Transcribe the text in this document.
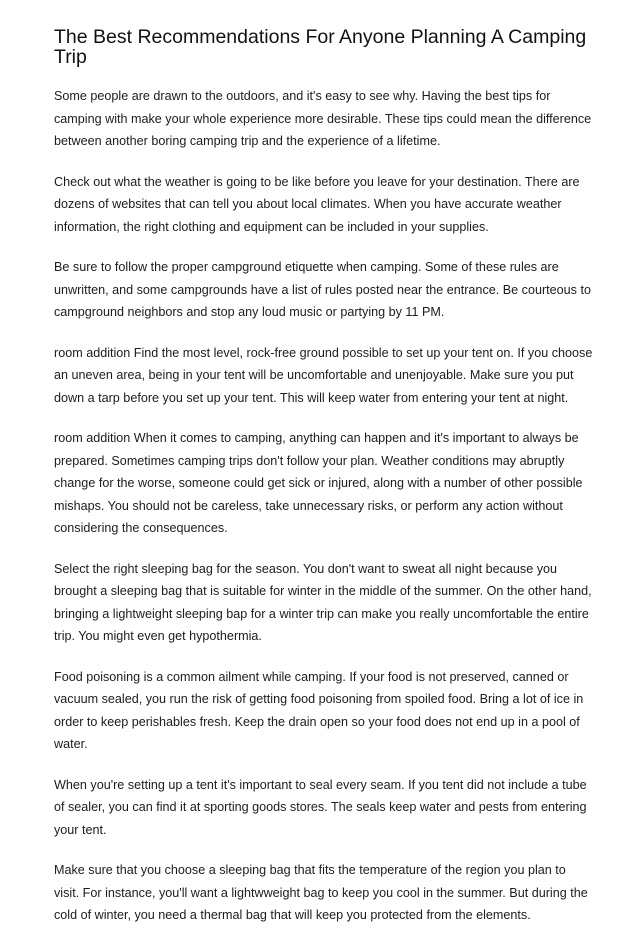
The Best Recommendations For Anyone Planning A Camping Trip

Some people are drawn to the outdoors, and it's easy to see why. Having the best tips for camping with make your whole experience more desirable. These tips could mean the difference between another boring camping trip and the experience of a lifetime.

Check out what the weather is going to be like before you leave for your destination. There are dozens of websites that can tell you about local climates. When you have accurate weather information, the right clothing and equipment can be included in your supplies.

Be sure to follow the proper campground etiquette when camping. Some of these rules are unwritten, and some campgrounds have a list of rules posted near the entrance. Be courteous to campground neighbors and stop any loud music or partying by 11 PM.

room addition Find the most level, rock-free ground possible to set up your tent on. If you choose an uneven area, being in your tent will be uncomfortable and unenjoyable. Make sure you put down a tarp before you set up your tent. This will keep water from entering your tent at night.

room addition When it comes to camping, anything can happen and it's important to always be prepared. Sometimes camping trips don't follow your plan. Weather conditions may abruptly change for the worse, someone could get sick or injured, along with a number of other possible mishaps. You should not be careless, take unnecessary risks, or perform any action without considering the consequences.

Select the right sleeping bag for the season. You don't want to sweat all night because you brought a sleeping bag that is suitable for winter in the middle of the summer. On the other hand, bringing a lightweight sleeping bap for a winter trip can make you really uncomfortable the entire trip. You might even get hypothermia.

Food poisoning is a common ailment while camping. If your food is not preserved, canned or vacuum sealed, you run the risk of getting food poisoning from spoiled food. Bring a lot of ice in order to keep perishables fresh. Keep the drain open so your food does not end up in a pool of water.

When you're setting up a tent it's important to seal every seam. If you tent did not include a tube of sealer, you can find it at sporting goods stores. The seals keep water and pests from entering your tent.

Make sure that you choose a sleeping bag that fits the temperature of the region you plan to visit. For instance, you'll want a lightwweight bag to keep you cool in the summer. But during the cold of winter, you need a thermal bag that will keep you protected from the elements.
